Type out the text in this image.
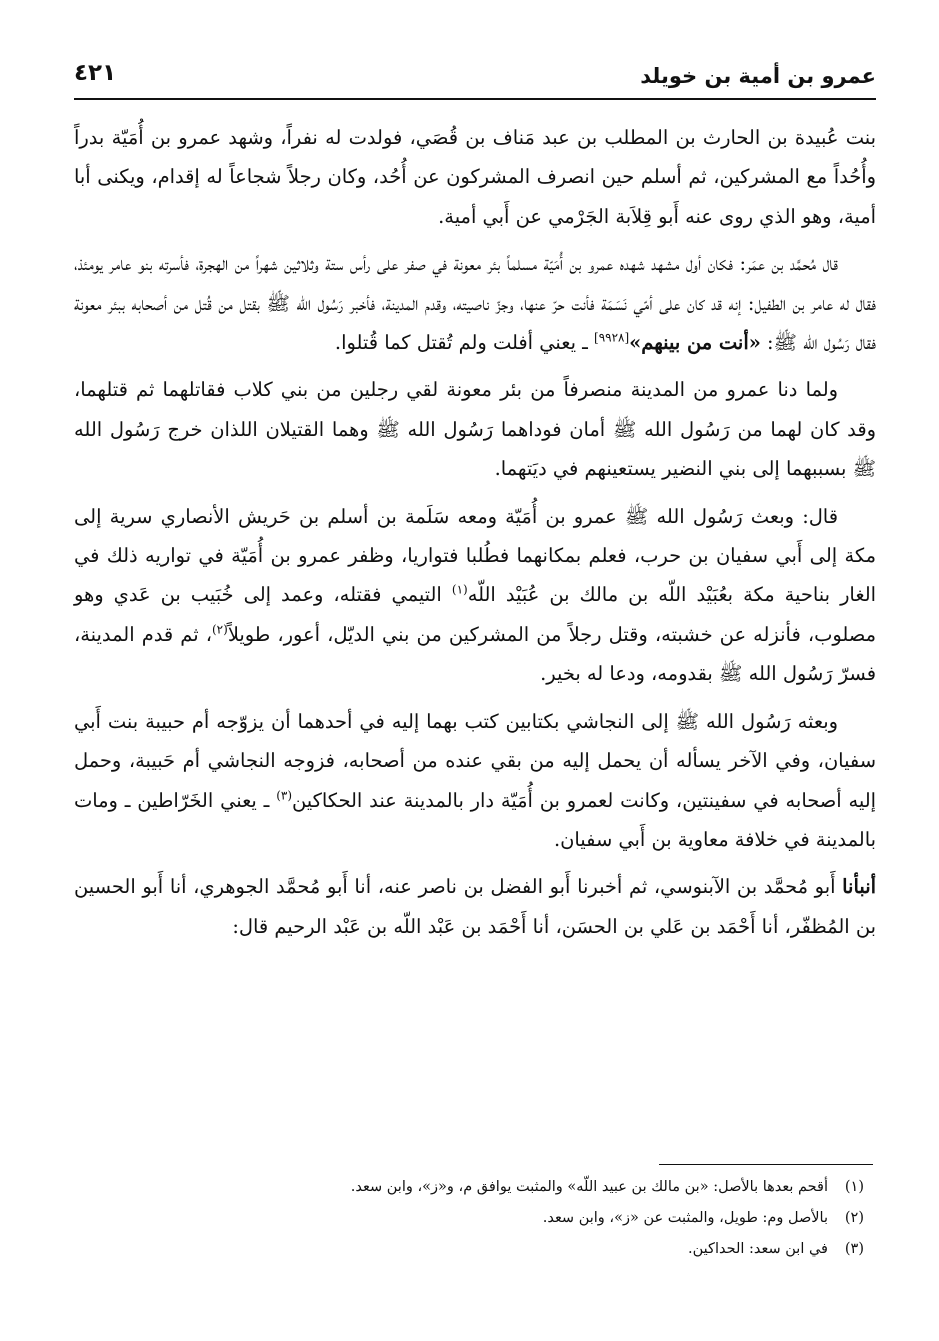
عمرو بن أمية بن خويلد
٤٢١

بنت عُبيدة بن الحارث بن المطلب بن عبد مَناف بن قُصَي، فولدت له نفراً، وشهد عمرو بن أُمَيّة بدراً وأُحُداً مع المشركين، ثم أسلم حين انصرف المشركون عن أُحُد، وكان رجلاً شجاعاً له إقدام، ويكنى أبا أمية، وهو الذي روى عنه أَبو قِلاَبة الجَرْمي عن أَبي أمية.

قال مُحمَّد بن عمَر: فكان أول مشهد شهده عمرو بن أُمَيّة مسلماً بئر معونة في صفر على رأس ستة وثلاثين شهراً من الهجرة، فأسرته بنو عامر يومئذ، فقال له عامر بن الطفيل: إنه قد كان على أمّي نَسَمَة فأنت حرّ عنها، وجزّ ناصيته، وقدم المدينة، فأخبر رَسُول الله ﷺ بقتل من قُتل من أصحابه ببئر معونة فقال رَسُول الله ﷺ: «أنت من بينهم»[٩٩٢٨] ـ يعني أفلت ولم تُقتل كما قُتلوا.

ولما دنا عمرو من المدينة منصرفاً من بئر معونة لقي رجلين من بني كلاب فقاتلهما ثم قتلهما، وقد كان لهما من رَسُول الله ﷺ أمان فوداهما رَسُول الله ﷺ وهما القتيلان اللذان خرج رَسُول الله ﷺ بسببهما إلى بني النضير يستعينهم في ديَتهما.

قال: وبعث رَسُول الله ﷺ عمرو بن أُمَيّة ومعه سَلَمة بن أسلم بن حَريش الأنصاري سرية إلى مكة إلى أَبي سفيان بن حرب، فعلم بمكانهما فطُلبا فتواريا، وظفر عمرو بن أُمَيّة في تواريه ذلك في الغار بناحية مكة بعُبَيْد اللّه بن مالك بن عُبَيْد اللّه$^{(١)}$ التيمي فقتله، وعمد إلى خُبَيب بن عَدي وهو مصلوب، فأنزله عن خشبته، وقتل رجلاً من المشركين من بني الديّل، أعور، طويلاً$^{(٢)}$، ثم قدم المدينة، فسرّ رَسُول الله ﷺ بقدومه، ودعا له بخير.

وبعثه رَسُول الله ﷺ إلى النجاشي بكتابين كتب بهما إليه في أحدهما أن يزوّجه أم حبيبة بنت أَبي سفيان، وفي الآخر يسأله أن يحمل إليه من بقي عنده من أصحابه، فزوجه النجاشي أم حَبيبة، وحمل إليه أصحابه في سفينتين، وكانت لعمرو بن أُمَيّة دار بالمدينة عند الحكاكين$^{(٣)}$ ـ يعني الخَرّاطين ـ ومات بالمدينة في خلافة معاوية بن أَبي سفيان.

أنبأنا أَبو مُحمَّد بن الآبنوسي، ثم أخبرنا أَبو الفضل بن ناصر عنه، أنا أَبو مُحمَّد الجوهري، أنا أَبو الحسين بن المُظفّر، أنا أَحْمَد بن عَلي بن الحسَن، أنا أَحْمَد بن عَبْد اللّه بن عَبْد الرحيم قال:

(١)أقحم بعدها بالأصل: «بن مالك بن عبيد اللّه» والمثبت يوافق م، و«ز»، وابن سعد.

(٢)بالأصل وم: طويل، والمثبت عن «ز»، وابن سعد.

(٣)في ابن سعد: الحداكين.
